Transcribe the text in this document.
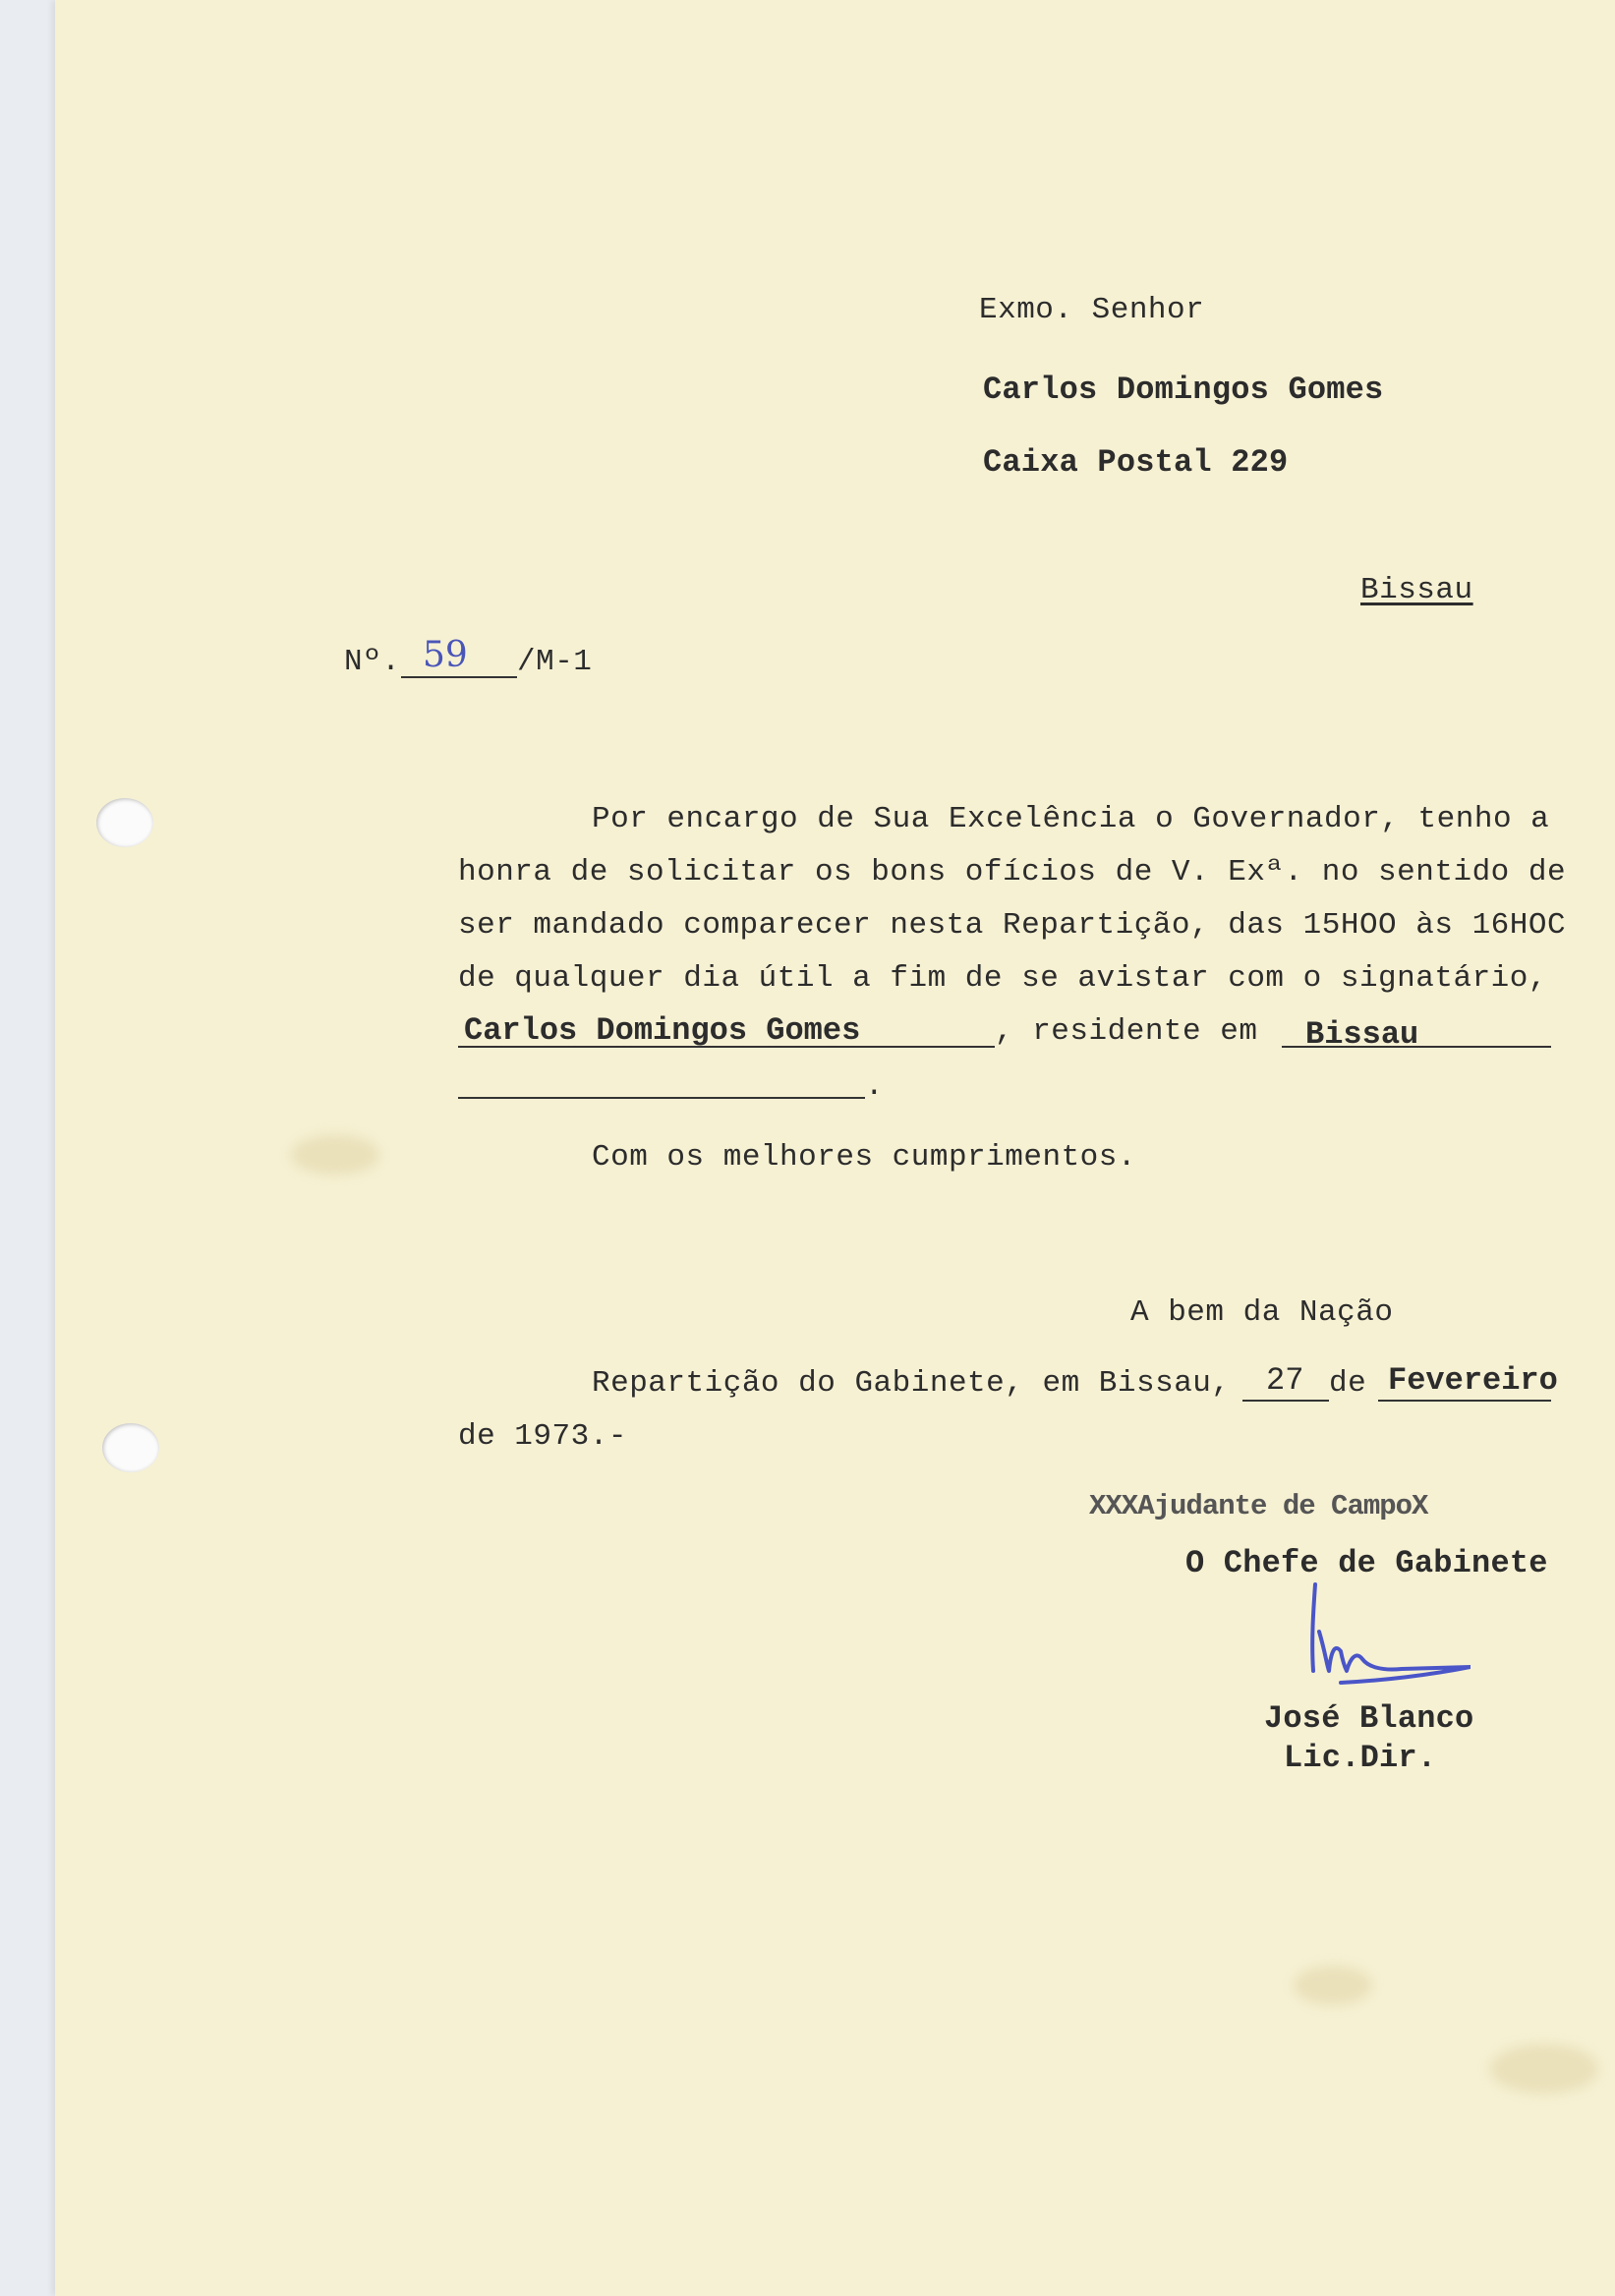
Exmo. Senhor
Carlos Domingos Gomes
Caixa Postal 229
Bissau
Nº. 59 /M-1
Por encargo de Sua Excelência o Governador, tenho a
honra de solicitar os bons ofícios de V. Exª. no sentido de
ser mandado comparecer nesta Repartição, das 15HOO às 16HOC
de qualquer dia útil a fim de se avistar com o signatário,
Carlos Domingos Gomes	, residente em Bissau
.
Com os melhores cumprimentos.
A bem da Nação
Repartição do Gabinete, em Bissau, 27 de Fevereiro
de 1973.-
XXXAjudante de CampoX
O Chefe de Gabinete
José Blanco
Lic.Dir.
